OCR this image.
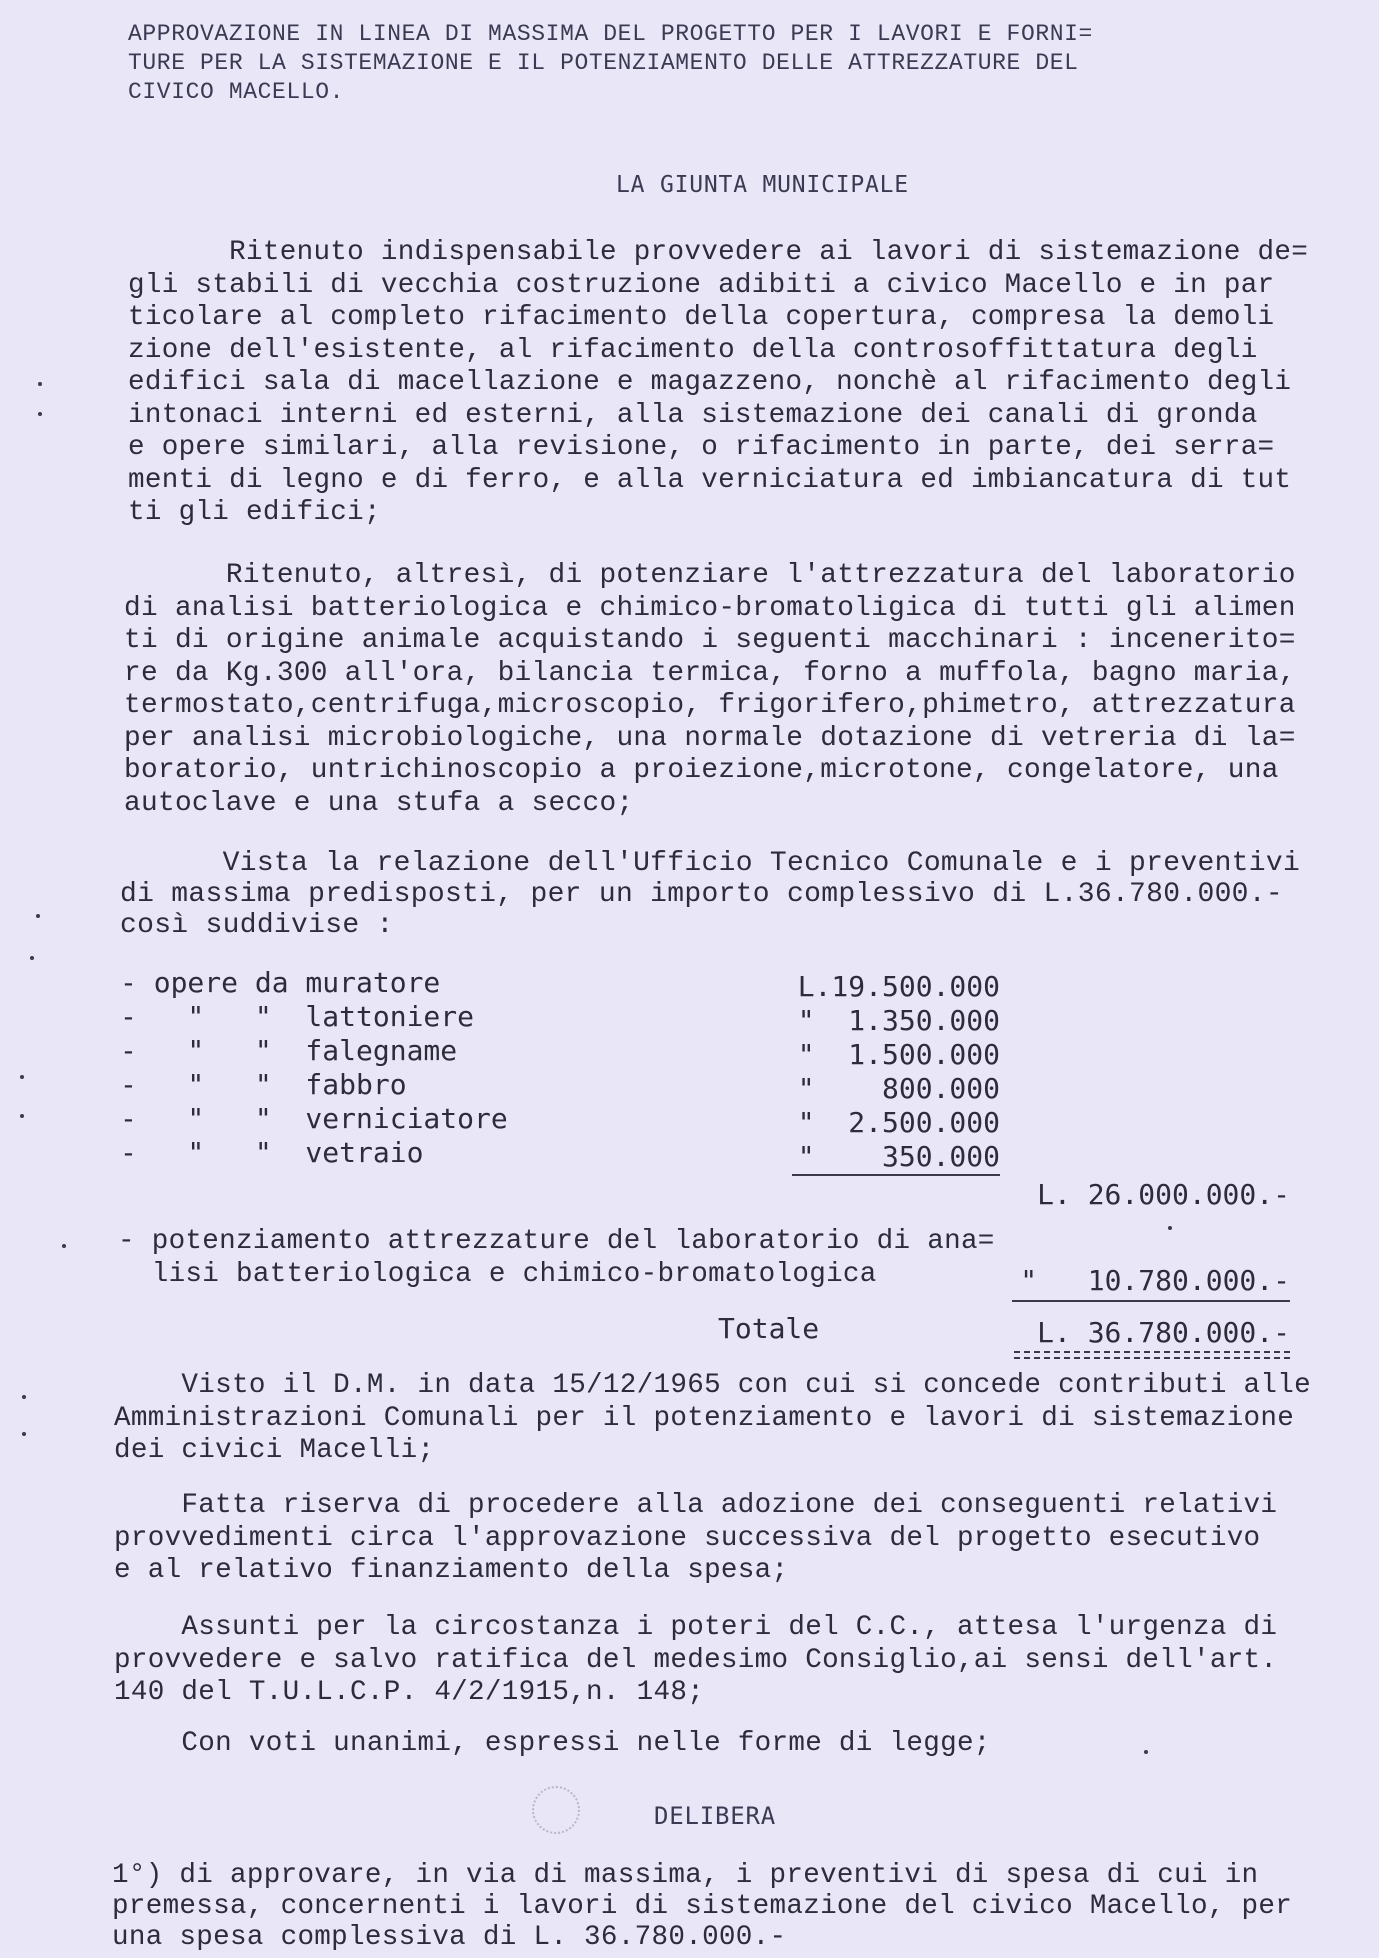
APPROVAZIONE IN LINEA DI MASSIMA DEL PROGETTO PER I LAVORI E FORNI=
TURE PER LA SISTEMAZIONE E IL POTENZIAMENTO DELLE ATTREZZATURE DEL
CIVICO MACELLO.
LA GIUNTA MUNICIPALE
Ritenuto indispensabile provvedere ai lavori di sistemazione de=
gli stabili di vecchia costruzione adibiti a civico Macello e in par
ticolare al completo rifacimento della copertura, compresa la demoli
zione dell'esistente, al rifacimento della controsoffittatura degli
edifici sala di macellazione e magazzeno, nonchè al rifacimento degli
intonaci interni ed esterni, alla sistemazione dei canali di gronda
e opere similari, alla revisione, o rifacimento in parte, dei serra=
menti di legno e di ferro, e alla verniciatura ed imbiancatura di tut
ti gli edifici;
Ritenuto, altresì, di potenziare l'attrezzatura del laboratorio
di analisi batteriologica e chimico-bromatoligica di tutti gli alimen
ti di origine animale acquistando i seguenti macchinari : incenerito=
re da Kg.300 all'ora, bilancia termica, forno a muffola, bagno maria,
termostato,centrifuga,microscopio, frigorifero,phimetro, attrezzatura
per analisi microbiologiche, una normale dotazione di vetreria di la=
boratorio, untrichinoscopio a proiezione,microtone, congelatore, una
autoclave e una stufa a secco;
Vista la relazione dell'Ufficio Tecnico Comunale e i preventivi
di massima predisposti, per un importo complessivo di L.36.780.000.-
così suddivise :
- opere da muratore	L.19.500.000
-   "   "  lattoniere	"  1.350.000
-   "   "  falegname	"  1.500.000
-   "   "  fabbro	"    800.000
-   "   "  verniciatore	"  2.500.000
-   "   "  vetraio	"    350.000
L. 26.000.000.-
- potenziamento attrezzature del laboratorio di ana=
lisi batteriologica e chimico-bromatologica	"   10.780.000.-
Totale	L. 36.780.000.-
Visto il D.M. in data 15/12/1965 con cui si concede contributi alle
Amministrazioni Comunali per il potenziamento e lavori di sistemazione
dei civici Macelli;
Fatta riserva di procedere alla adozione dei conseguenti relativi
provvedimenti circa l'approvazione successiva del progetto esecutivo
e al relativo finanziamento della spesa;
Assunti per la circostanza i poteri del C.C., attesa l'urgenza di
provvedere e salvo ratifica del medesimo Consiglio,ai sensi dell'art.
140 del T.U.L.C.P. 4/2/1915,n. 148;
Con voti unanimi, espressi nelle forme di legge;
DELIBERA
1°) di approvare, in via di massima, i preventivi di spesa di cui in
premessa, concernenti i lavori di sistemazione del civico Macello, per
una spesa complessiva di L. 36.780.000.-
